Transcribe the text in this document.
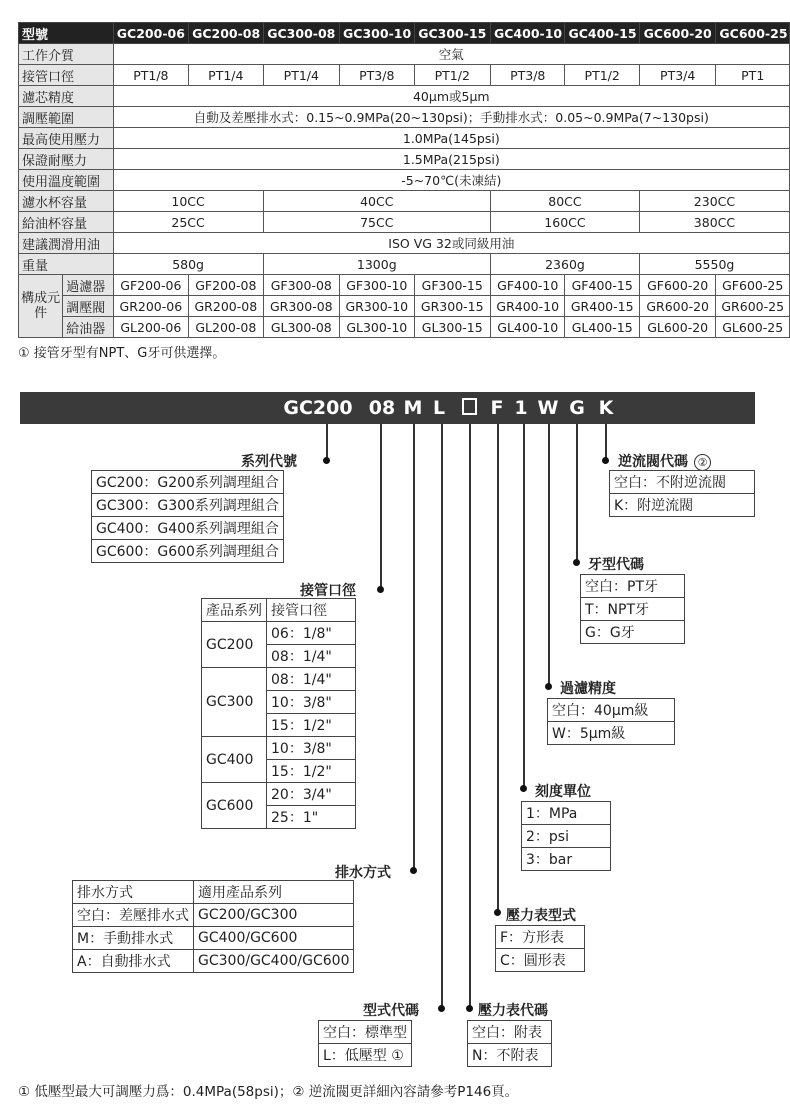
型號		GC200-06	GC200-08	GC300-08	GC300-10	GC300-15	GC400-10	GC400-15	GC600-20	GC600-25
工作介質		空氣								
接管口徑		PT1/8	PT1/4	PT1/4	PT3/8	PT1/2	PT3/8	PT1/2	PT3/4	PT1
濾芯精度		40μm或5μm								
調壓範圍		自動及差壓排水式：0.15~0.9MPa(20~130psi)；手動排水式：0.05~0.9MPa(7~130psi)								
最高使用壓力		1.0MPa(145psi)								
保證耐壓力		1.5MPa(215psi)								
使用溫度範圍		-5~70℃(未凍結)								
濾水杯容量		10CC		40CC			80CC		230CC	
給油杯容量		25CC		75CC			160CC		380CC	
建議潤滑用油		ISO VG 32或同級用油								
重量		580g		1300g			2360g		5550g	
構成元件	過濾器	GF200-06	GF200-08	GF300-08	GF300-10	GF300-15	GF400-10	GF400-15	GF600-20	GF600-25
	調壓閥	GR200-06	GR200-08	GR300-08	GR300-10	GR300-15	GR400-10	GR400-15	GR600-20	GR600-25
	給油器	GL200-06	GL200-08	GL300-08	GL300-10	GL300-15	GL400-10	GL400-15	GL600-20	GL600-25
① 接管牙型有NPT、G牙可供選擇。
GC200 08 M L F 1 W G K
系列代號
GC200：G200系列調理組合
GC300：G300系列調理組合
GC400：G400系列調理組合
GC600：G600系列調理組合
接管口徑
產品系列	接管口徑
GC200	06：1/8"
	08：1/4"
GC300	08：1/4"
	10：3/8"
	15：1/2"
GC400	10：3/8"
	15：1/2"
GC600	20：3/4"
	25：1"
排水方式
排水方式	適用產品系列
空白：差壓排水式	GC200/GC300
M：手動排水式	GC400/GC600
A：自動排水式	GC300/GC400/GC600
型式代碼
空白：標準型
L：低壓型 ①
壓力表代碼
空白：附表
N：不附表
壓力表型式
F：方形表
C：圓形表
刻度單位
1：MPa
2：psi
3：bar
過濾精度
空白：40μm級
W：5μm級
牙型代碼
空白：PT牙
T：NPT牙
G：G牙
逆流閥代碼 ②
空白：不附逆流閥
K：附逆流閥
① 低壓型最大可調壓力爲：0.4MPa(58psi)；② 逆流閥更詳細內容請參考P146頁。
